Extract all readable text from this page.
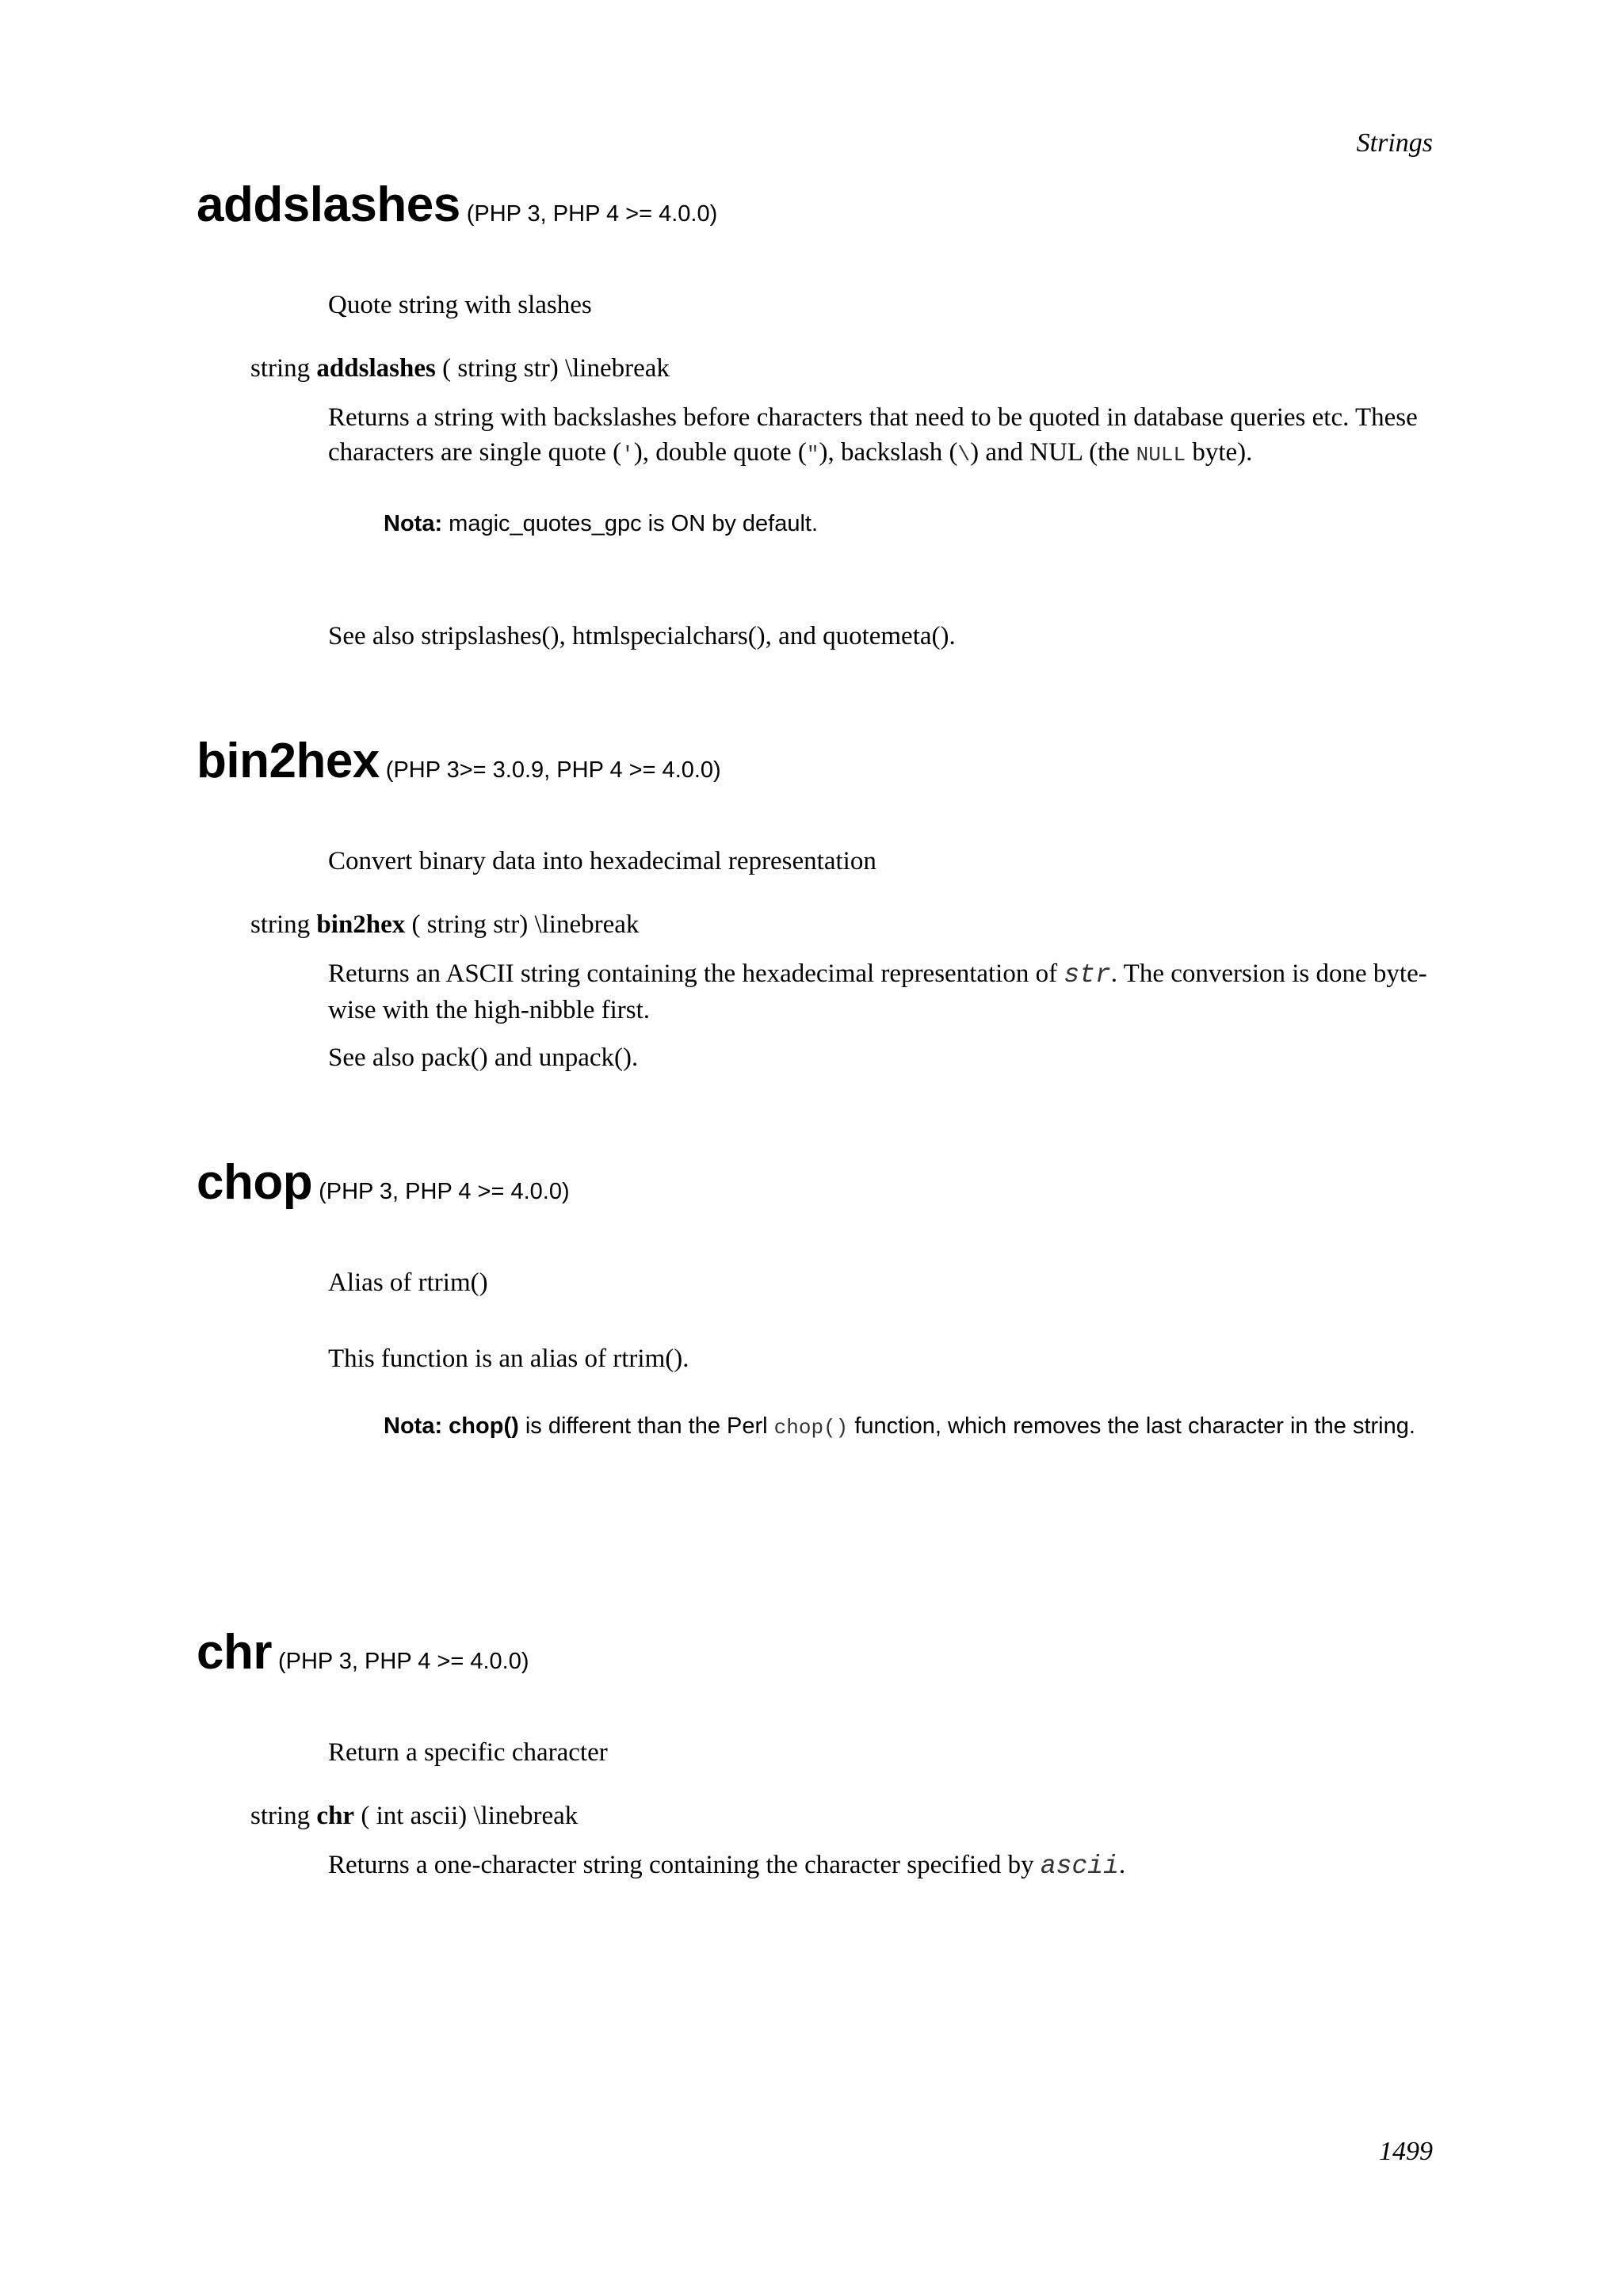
Strings
addslashes (PHP 3, PHP 4 >= 4.0.0)

Quote string with slashes

string addslashes ( string str) \linebreak

Returns a string with backslashes before characters that need to be quoted in database queries etc. These characters are single quote ('), double quote ("), backslash (\) and NUL (the NULL byte).

Nota: magic_quotes_gpc is ON by default.

See also stripslashes(), htmlspecialchars(), and quotemeta().

bin2hex (PHP 3>= 3.0.9, PHP 4 >= 4.0.0)

Convert binary data into hexadecimal representation

string bin2hex ( string str) \linebreak

Returns an ASCII string containing the hexadecimal representation of str. The conversion is done byte-wise with the high-nibble first.

See also pack() and unpack().

chop (PHP 3, PHP 4 >= 4.0.0)

Alias of rtrim()

This function is an alias of rtrim().

Nota: chop() is different than the Perl chop() function, which removes the last character in the string.

chr (PHP 3, PHP 4 >= 4.0.0)

Return a specific character

string chr ( int ascii) \linebreak

Returns a one-character string containing the character specified by ascii.

1499
